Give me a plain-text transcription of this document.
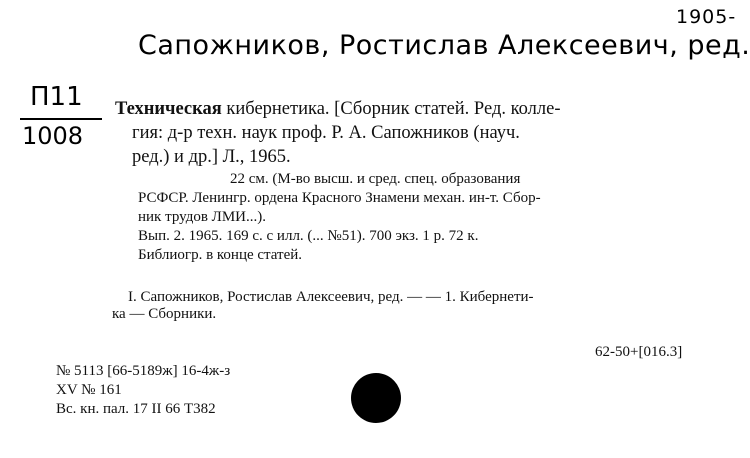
1905-
Сапожников, Ростислав Алексеевич, ред.
П11
1008
Техническая кибернетика. [Сборник статей. Ред. колле-
гия: д-р техн. наук проф. Р. А. Сапожников (науч.
ред.) и др.] Л., 1965.
22 см. (М-во высш. и сред. спец. образования
РСФСР. Ленингр. ордена Красного Знамени механ. ин-т. Сбор-
ник трудов ЛМИ...).
Вып. 2. 1965. 169 с. с илл. (... №51). 700 экз. 1 р. 72 к.
Библиогр. в конце статей.
I. Сапожников, Ростислав Алексеевич, ред. — — 1. Кибернети-
ка — Сборники.
62-50+[016.3]
№ 5113 [66-5189ж] 16-4ж-з
XV № 161
Вс. кн. пал. 17 II 66 Т382
